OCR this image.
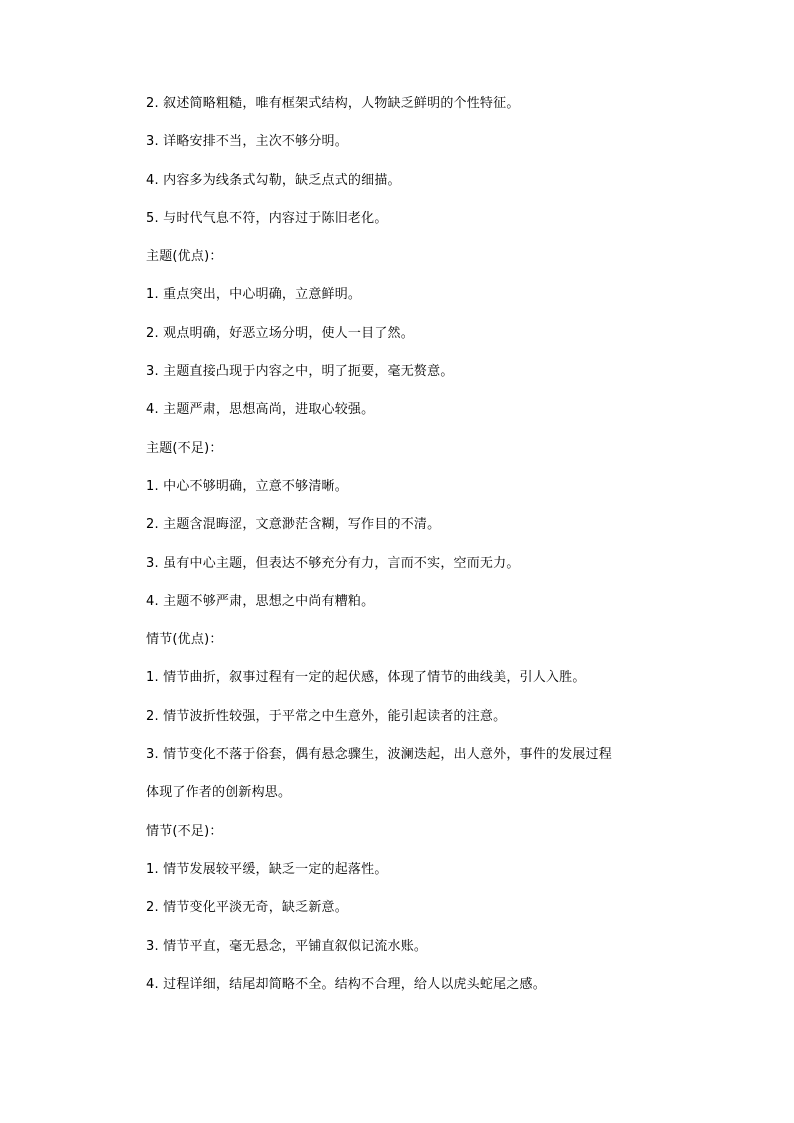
2. 叙述简略粗糙，唯有框架式结构，人物缺乏鲜明的个性特征。
3. 详略安排不当，主次不够分明。
4. 内容多为线条式勾勒，缺乏点式的细描。
5. 与时代气息不符，内容过于陈旧老化。
主题(优点)：
1. 重点突出，中心明确，立意鲜明。
2. 观点明确，好恶立场分明，使人一目了然。
3. 主题直接凸现于内容之中，明了扼要，毫无赘意。
4. 主题严肃，思想高尚，进取心较强。
主题(不足)：
1. 中心不够明确，立意不够清晰。
2. 主题含混晦涩，文意渺茫含糊，写作目的不清。
3. 虽有中心主题，但表达不够充分有力，言而不实，空而无力。
4. 主题不够严肃，思想之中尚有糟粕。
情节(优点)：
1. 情节曲折，叙事过程有一定的起伏感，体现了情节的曲线美，引人入胜。
2. 情节波折性较强，于平常之中生意外，能引起读者的注意。
3. 情节变化不落于俗套，偶有悬念骤生，波澜迭起，出人意外，事件的发展过程
体现了作者的创新构思。
情节(不足)：
1. 情节发展较平缓，缺乏一定的起落性。
2. 情节变化平淡无奇，缺乏新意。
3. 情节平直，毫无悬念，平铺直叙似记流水账。
4. 过程详细，结尾却简略不全。结构不合理，给人以虎头蛇尾之感。
